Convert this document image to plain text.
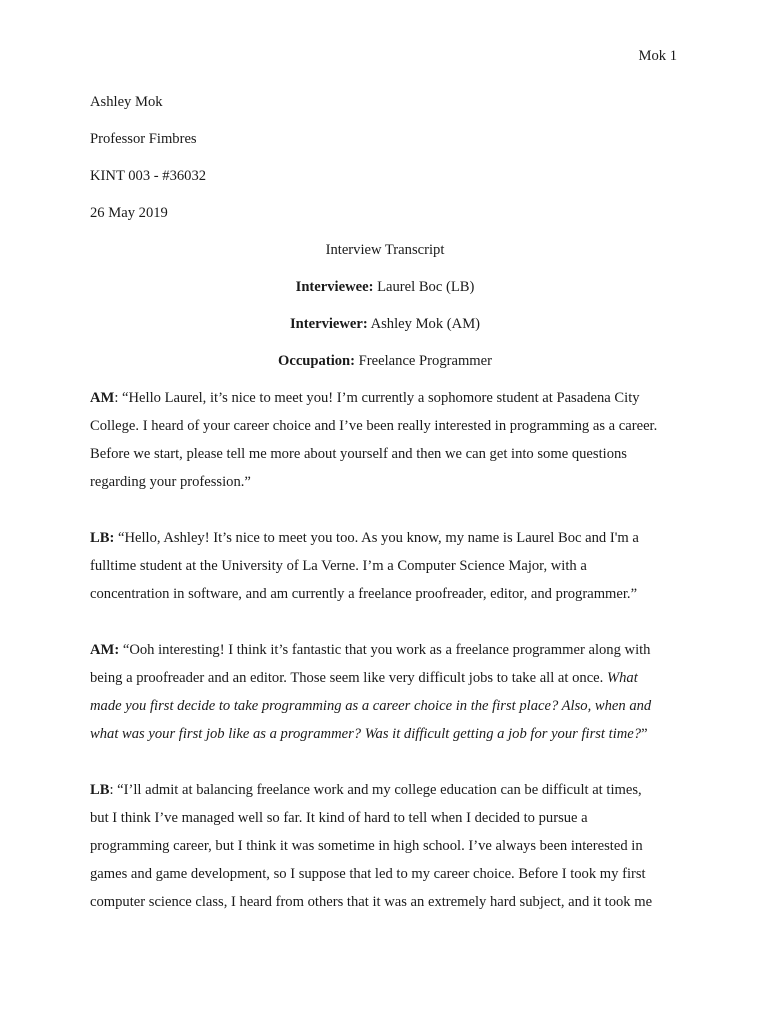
Mok 1

Ashley Mok

Professor Fimbres

KINT 003 - #36032

26 May 2019

Interview Transcript

Interviewee: Laurel Boc (LB)

Interviewer: Ashley Mok (AM)

Occupation: Freelance Programmer

AM: “Hello Laurel, it’s nice to meet you! I’m currently a sophomore student at Pasadena City

College. I heard of your career choice and I’ve been really interested in programming as a career.

Before we start, please tell me more about yourself and then we can get into some questions

regarding your profession.”

LB: “Hello, Ashley! It’s nice to meet you too. As you know, my name is Laurel Boc and I'm a

fulltime student at the University of La Verne. I’m a Computer Science Major, with a

concentration in software, and am currently a freelance proofreader, editor, and programmer.”

AM: “Ooh interesting! I think it’s fantastic that you work as a freelance programmer along with

being a proofreader and an editor. Those seem like very difficult jobs to take all at once. What

made you first decide to take programming as a career choice in the first place? Also, when and

what was your first job like as a programmer? Was it difficult getting a job for your first time?”

LB: “I’ll admit at balancing freelance work and my college education can be difficult at times,

but I think I’ve managed well so far. It kind of hard to tell when I decided to pursue a

programming career, but I think it was sometime in high school. I’ve always been interested in

games and game development, so I suppose that led to my career choice. Before I took my first

computer science class, I heard from others that it was an extremely hard subject, and it took me
